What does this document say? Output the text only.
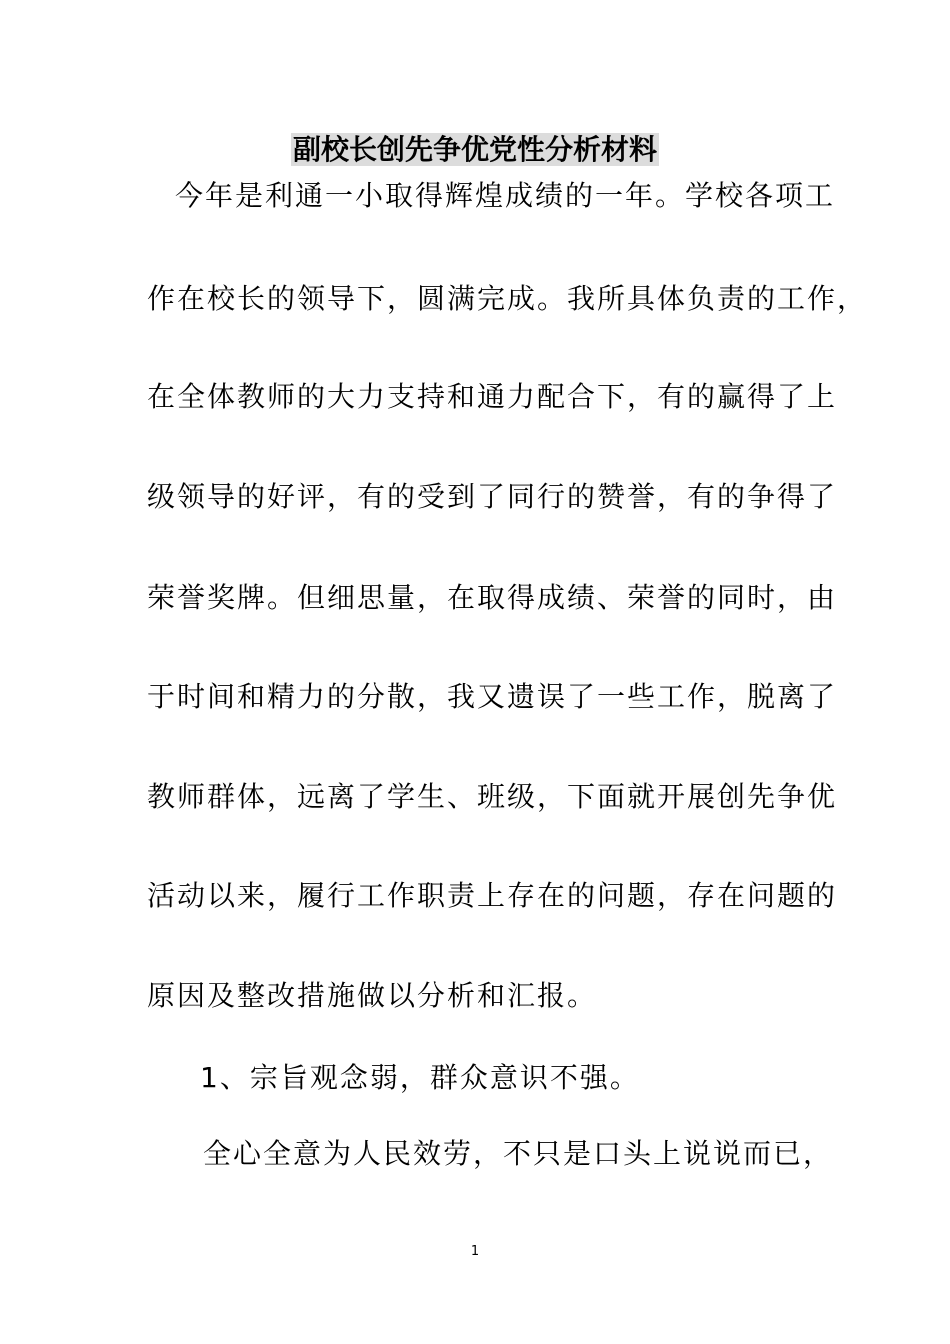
副校长创先争优党性分析材料
今年是利通一小取得辉煌成绩的一年。学校各项工
作在校长的领导下，圆满完成。我所具体负责的工作，
在全体教师的大力支持和通力配合下，有的赢得了上
级领导的好评，有的受到了同行的赞誉，有的争得了
荣誉奖牌。但细思量，在取得成绩、荣誉的同时，由
于时间和精力的分散，我又遗误了一些工作，脱离了
教师群体，远离了学生、班级，下面就开展创先争优
活动以来，履行工作职责上存在的问题，存在问题的
原因及整改措施做以分析和汇报。
1、宗旨观念弱，群众意识不强。
全心全意为人民效劳，不只是口头上说说而已，
1
